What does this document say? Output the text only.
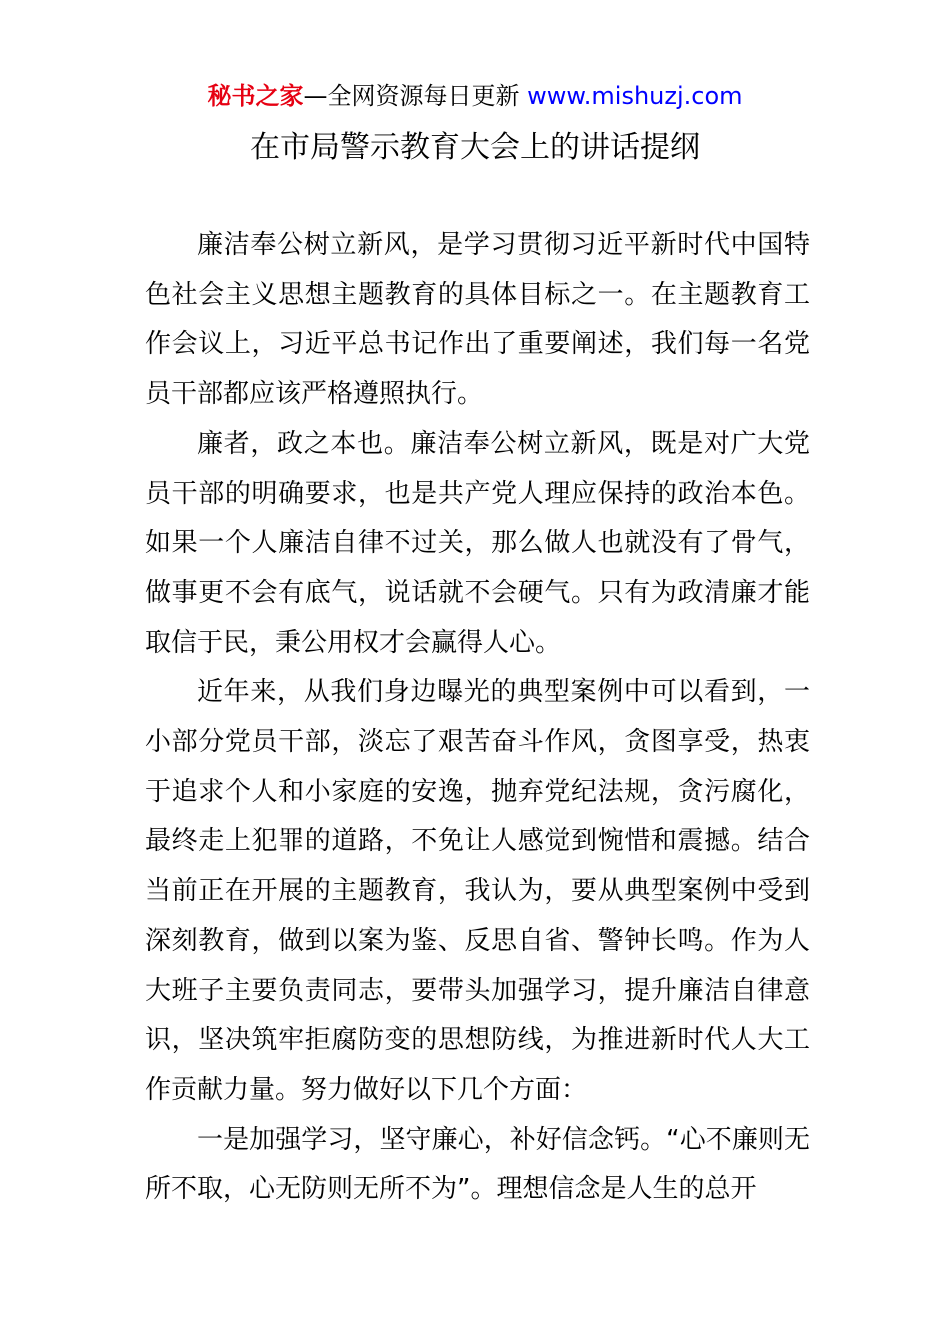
秘书之家—全网资源每日更新 www.mishuzj.com
在市局警示教育大会上的讲话提纲

廉洁奉公树立新风，是学习贯彻习近平新时代中国特色社会主义思想主题教育的具体目标之一。在主题教育工作会议上，习近平总书记作出了重要阐述，我们每一名党员干部都应该严格遵照执行。

廉者，政之本也。廉洁奉公树立新风，既是对广大党员干部的明确要求，也是共产党人理应保持的政治本色。如果一个人廉洁自律不过关，那么做人也就没有了骨气，做事更不会有底气，说话就不会硬气。只有为政清廉才能取信于民，秉公用权才会赢得人心。

近年来，从我们身边曝光的典型案例中可以看到，一小部分党员干部，淡忘了艰苦奋斗作风，贪图享受，热衷于追求个人和小家庭的安逸，抛弃党纪法规，贪污腐化，最终走上犯罪的道路，不免让人感觉到惋惜和震撼。结合当前正在开展的主题教育，我认为，要从典型案例中受到深刻教育，做到以案为鉴、反思自省、警钟长鸣。作为人大班子主要负责同志，要带头加强学习，提升廉洁自律意识，坚决筑牢拒腐防变的思想防线，为推进新时代人大工作贡献力量。努力做好以下几个方面：

一是加强学习，坚守廉心，补好信念钙。“心不廉则无所不取，心无防则无所不为”。理想信念是人生的总开
